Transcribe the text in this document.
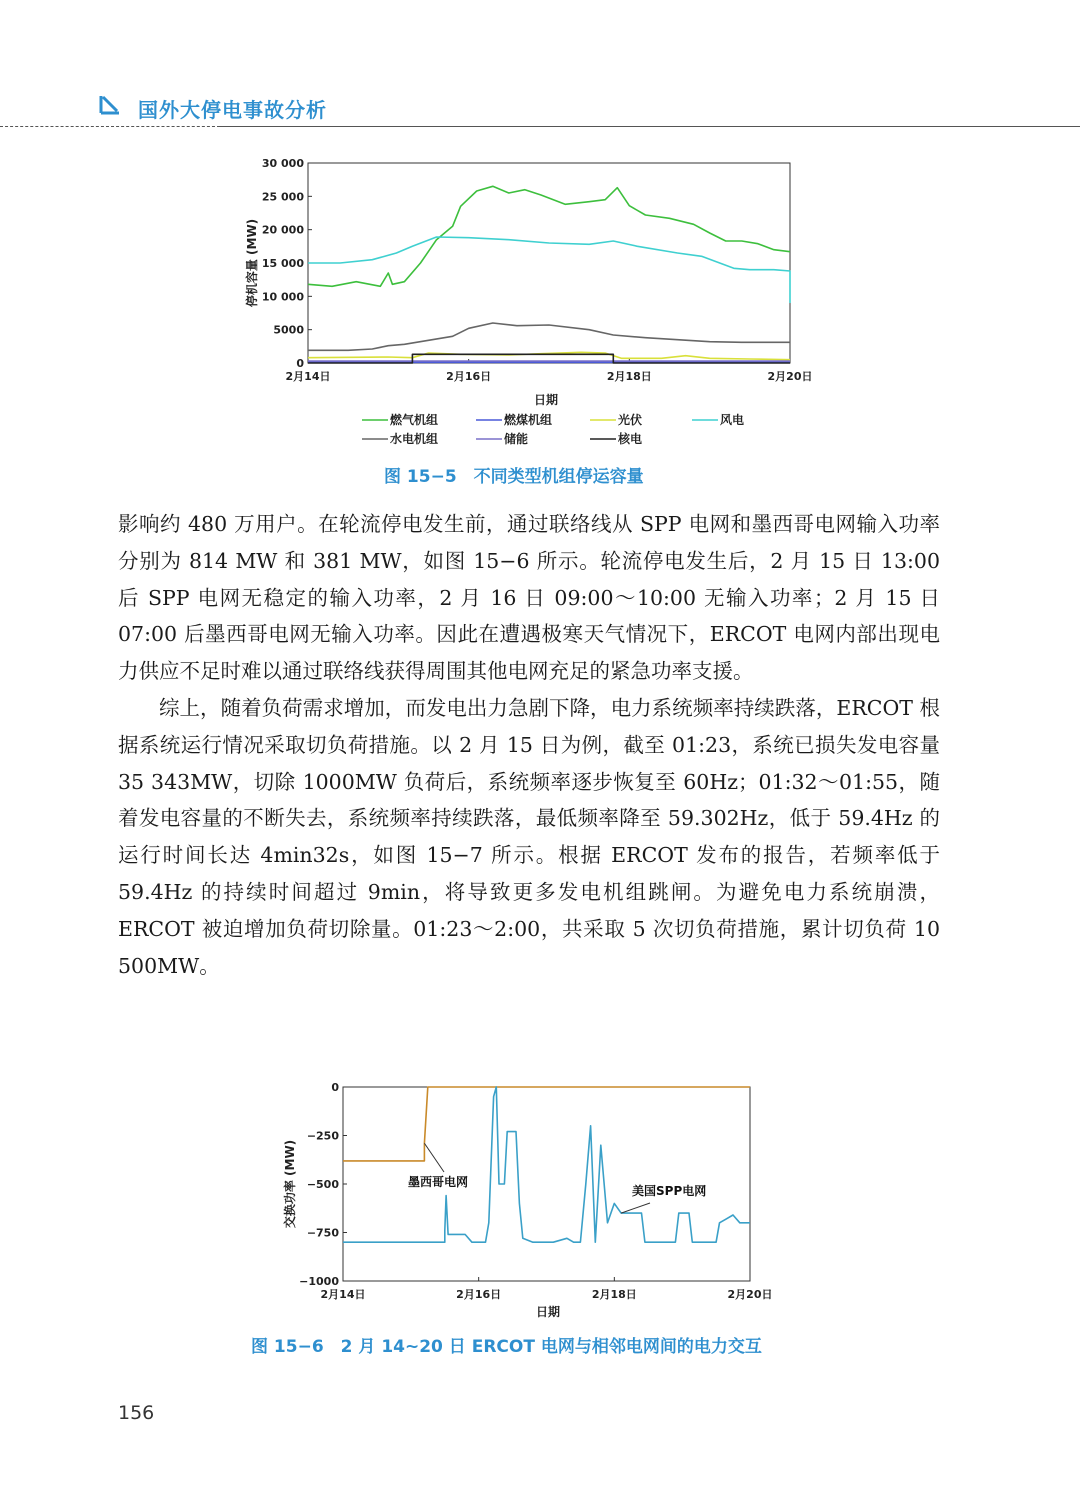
国外大停电事故分析
30 000
25 000
20 000
15 000
10 000
5000
0
2月14日	2月16日	2月18日	2月20日
停机容量 (MW)
日期
燃气机组	燃煤机组	光伏	风电
水电机组	储能	核电
图 15−5　不同类型机组停运容量

影响约 480 万用户。在轮流停电发生前，通过联络线从 SPP 电网和墨西哥电网输入功率分别为 814 MW 和 381 MW，如图 15−6 所示。轮流停电发生后，2 月 15 日 13:00 后 SPP 电网无稳定的输入功率，2 月 16 日 09:00～10:00 无输入功率；2 月 15 日 07:00 后墨西哥电网无输入功率。因此在遭遇极寒天气情况下，ERCOT 电网内部出现电力供应不足时难以通过联络线获得周围其他电网充足的紧急功率支援。

综上，随着负荷需求增加，而发电出力急剧下降，电力系统频率持续跌落，ERCOT 根据系统运行情况采取切负荷措施。以 2 月 15 日为例，截至 01:23，系统已损失发电容量 35 343MW，切除 1000MW 负荷后，系统频率逐步恢复至 60Hz；01:32～01:55，随着发电容量的不断失去，系统频率持续跌落，最低频率降至 59.302Hz，低于 59.4Hz 的运行时间长达 4min32s，如图 15−7 所示。根据 ERCOT 发布的报告，若频率低于 59.4Hz 的持续时间超过 9min，将导致更多发电机组跳闸。为避免电力系统崩溃，ERCOT 被迫增加负荷切除量。01:23～2:00，共采取 5 次切负荷措施，累计切负荷 10 500MW。

0
−250
−500
−750
−1000
2月14日	2月16日	2月18日	2月20日
墨西哥电网
美国SPP电网
交换功率 (MW)
日期
图 15−6　2 月 14~20 日 ERCOT 电网与相邻电网间的电力交互
156
